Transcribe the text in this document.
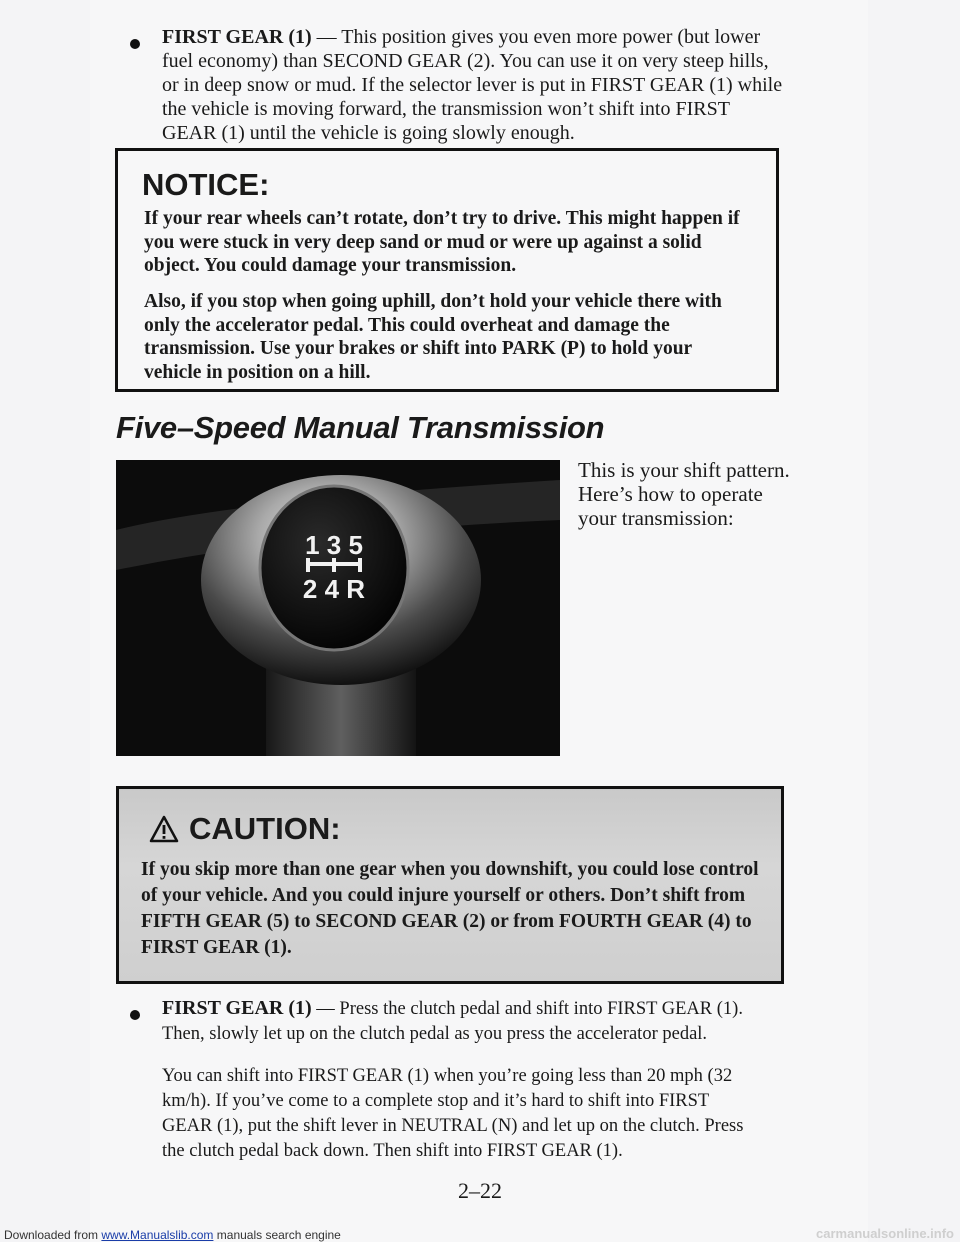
FIRST GEAR (1) — This position gives you even more power (but lower fuel economy) than SECOND GEAR (2). You can use it on very steep hills, or in deep snow or mud. If the selector lever is put in FIRST GEAR (1) while the vehicle is moving forward, the transmission won’t shift into FIRST GEAR (1) until the vehicle is going slowly enough.

NOTICE:

If your rear wheels can’t rotate, don’t try to drive. This might happen if you were stuck in very deep sand or mud or were up against a solid object. You could damage your transmission.

Also, if you stop when going uphill, don’t hold your vehicle there with only the accelerator pedal. This could overheat and damage the transmission. Use your brakes or shift into PARK (P) to hold your vehicle in position on a hill.

Five–Speed Manual Transmission
1 3 5
2 4 R

This is your shift pattern. Here’s how to operate your transmission:

CAUTION:

If you skip more than one gear when you downshift, you could lose control of your vehicle. And you could injure yourself or others. Don’t shift from FIFTH GEAR (5) to SECOND GEAR (2) or from FOURTH GEAR (4) to FIRST GEAR (1).

FIRST GEAR (1) — Press the clutch pedal and shift into FIRST GEAR (1). Then, slowly let up on the clutch pedal as you press the accelerator pedal.

You can shift into FIRST GEAR (1) when you’re going less than 20 mph (32 km/h). If you’ve come to a complete stop and it’s hard to shift into FIRST GEAR (1), put the shift lever in NEUTRAL (N) and let up on the clutch. Press the clutch pedal back down. Then shift into FIRST GEAR (1).

2–22
Downloaded from www.Manualslib.com manuals search engine	carmanualsonline.info
